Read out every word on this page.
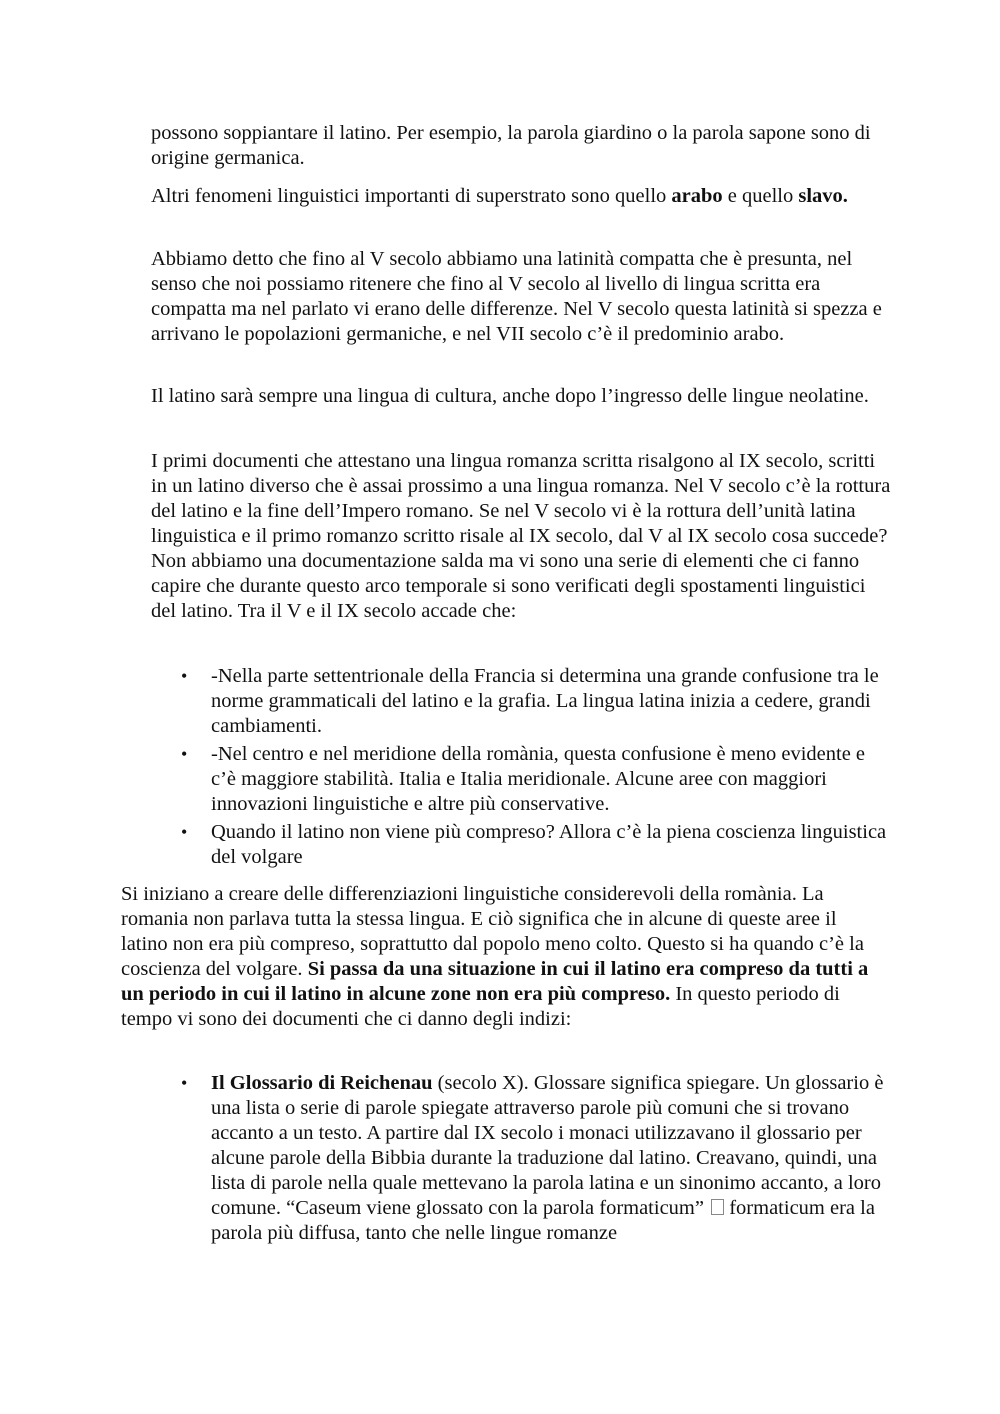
possono soppiantare il latino. Per esempio, la parola giardino o la parola sapone sono di origine germanica.

Altri fenomeni linguistici importanti di superstrato sono quello arabo e quello slavo.

Abbiamo detto che fino al V secolo abbiamo una latinità compatta che è presunta, nel senso che noi possiamo ritenere che fino al V secolo al livello di lingua scritta era compatta ma nel parlato vi erano delle differenze. Nel V secolo questa latinità si spezza e arrivano le popolazioni germaniche, e nel VII secolo c’è il predominio arabo.

Il latino sarà sempre una lingua di cultura, anche dopo l’ingresso delle lingue neolatine.

I primi documenti che attestano una lingua romanza scritta risalgono al IX secolo, scritti in un latino diverso che è assai prossimo a una lingua romanza. Nel V secolo c’è la rottura del latino e la fine dell’Impero romano. Se nel V secolo vi è la rottura dell’unità latina linguistica e il primo romanzo scritto risale al IX secolo, dal V al IX secolo cosa succede? Non abbiamo una documentazione salda ma vi sono una serie di elementi che ci fanno capire che durante questo arco temporale si sono verificati degli spostamenti linguistici del latino. Tra il V e il IX secolo accade che:

• -Nella parte settentrionale della Francia si determina una grande confusione tra le norme grammaticali del latino e la grafia. La lingua latina inizia a cedere, grandi cambiamenti.
• -Nel centro e nel meridione della romània, questa confusione è meno evidente e c’è maggiore stabilità. Italia e Italia meridionale. Alcune aree con maggiori innovazioni linguistiche e altre più conservative.
• Quando il latino non viene più compreso? Allora c’è la piena coscienza linguistica del volgare

Si iniziano a creare delle differenziazioni linguistiche considerevoli della romània. La romania non parlava tutta la stessa lingua. E ciò significa che in alcune di queste aree il latino non era più compreso, soprattutto dal popolo meno colto. Questo si ha quando c’è la coscienza del volgare. Si passa da una situazione in cui il latino era compreso da tutti a un periodo in cui il latino in alcune zone non era più compreso. In questo periodo di tempo vi sono dei documenti che ci danno degli indizi:

• Il Glossario di Reichenau (secolo X). Glossare significa spiegare. Un glossario è una lista o serie di parole spiegate attraverso parole più comuni che si trovano accanto a un testo. A partire dal IX secolo i monaci utilizzavano il glossario per alcune parole della Bibbia durante la traduzione dal latino. Creavano, quindi, una lista di parole nella quale mettevano la parola latina e un sinonimo accanto, a loro comune. “Caseum viene glossato con la parola formaticum”  formaticum era la parola più diffusa, tanto che nelle lingue romanze
